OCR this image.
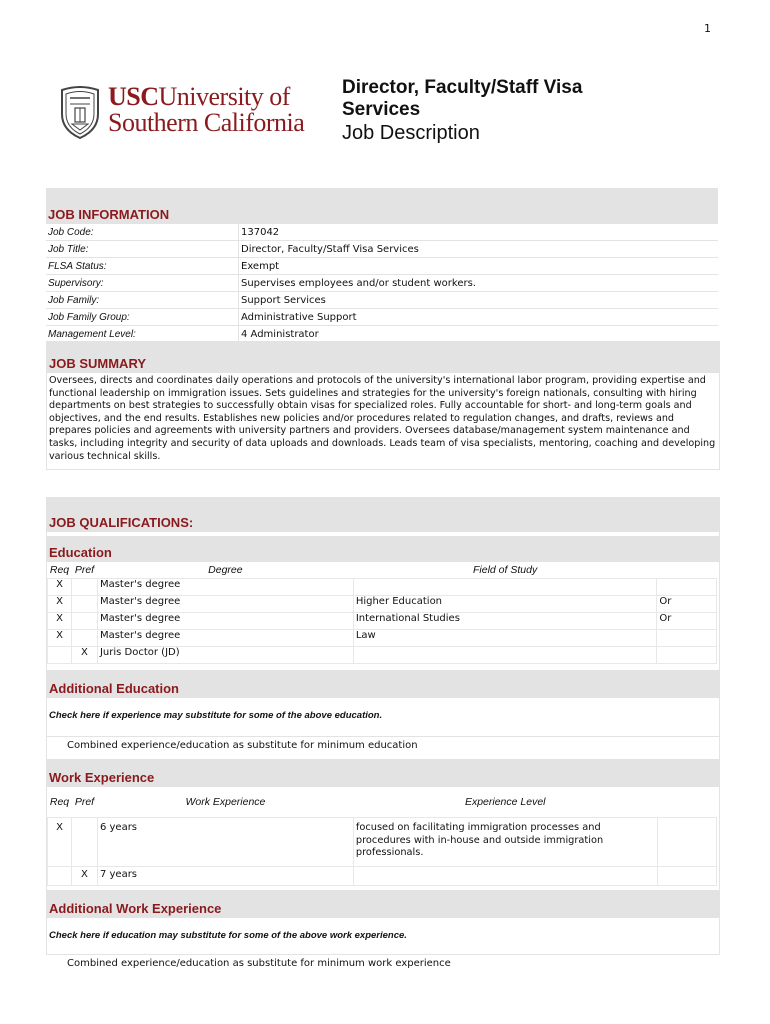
1
USCUniversity of
Southern California
Director, Faculty/Staff Visa Services
Job Description
JOB INFORMATION
Job Code:	137042
Job Title:	Director, Faculty/Staff Visa Services
FLSA Status:	Exempt
Supervisory:	Supervises employees and/or student workers.
Job Family:	Support Services
Job Family Group:	Administrative Support
Management Level:	4 Administrator
JOB SUMMARY
Oversees, directs and coordinates daily operations and protocols of the university's international labor program, providing expertise and functional leadership on immigration issues. Sets guidelines and strategies for the university's foreign nationals, consulting with hiring departments on best strategies to successfully obtain visas for specialized roles. Fully accountable for short- and long-term goals and objectives, and the end results. Establishes new policies and/or procedures related to regulation changes, and drafts, reviews and prepares policies and agreements with university partners and providers. Oversees database/management system maintenance and tasks, including integrity and security of data uploads and downloads. Leads team of visa specialists, mentoring, coaching and developing various technical skills.
JOB QUALIFICATIONS:
Education
Req	Pref	Degree	Field of Study	
X		Master's degree		
X		Master's degree	Higher Education	Or
X		Master's degree	International Studies	Or
X		Master's degree	Law	
	X	Juris Doctor (JD)		
Additional Education
Check here if experience may substitute for some of the above education.
Combined experience/education as substitute for minimum education
Work Experience
Req	Pref	Work Experience	Experience Level	
X		6 years	focused on facilitating immigration processes and procedures with in-house and outside immigration professionals.	
	X	7 years		
Additional Work Experience
Check here if education may substitute for some of the above work experience.
Combined experience/education as substitute for minimum work experience
